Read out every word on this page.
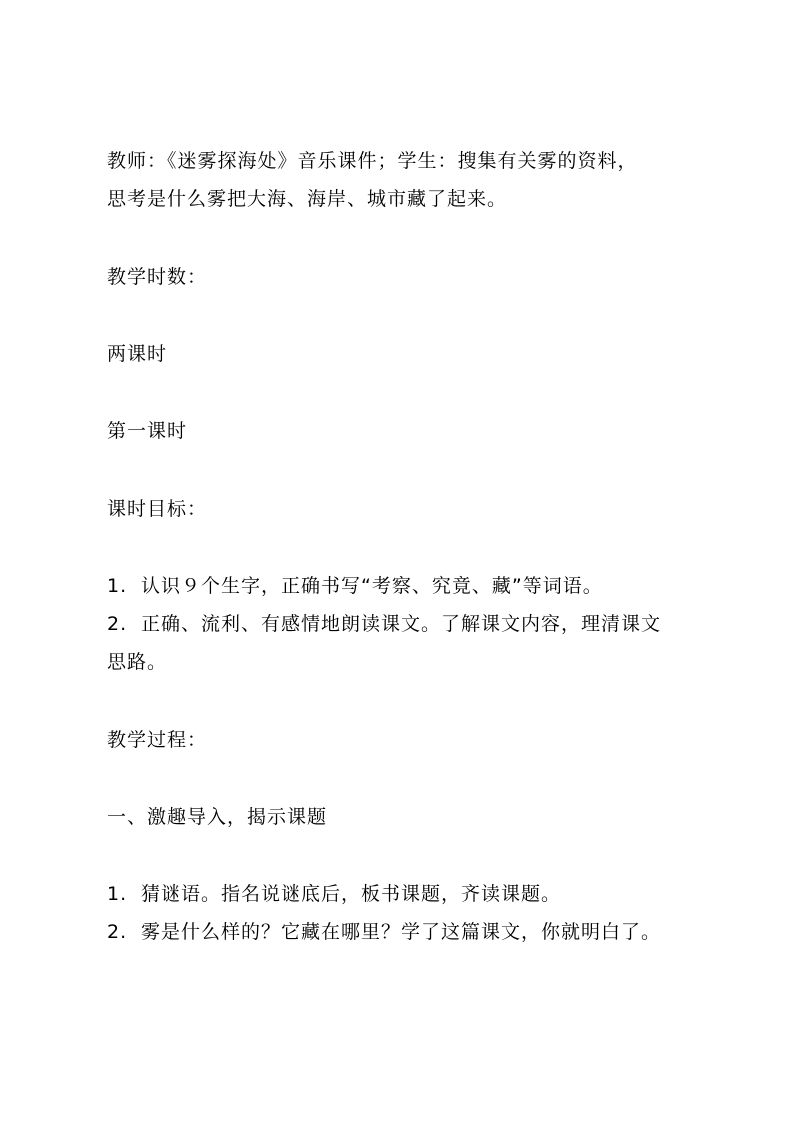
教师：《迷雾探海处》音乐课件；学生：搜集有关雾的资料，
思考是什么雾把大海、海岸、城市藏了起来。
教学时数：
两课时
第一课时
课时目标：
1. 认识９个生字，正确书写“考察、究竟、藏”等词语。
2. 正确、流利、有感情地朗读课文。了解课文内容，理清课文
思路。
教学过程：
一、激趣导入，揭示课题
1. 猜谜语。指名说谜底后，板书课题，齐读课题。
2. 雾是什么样的？它藏在哪里？学了这篇课文，你就明白了。
